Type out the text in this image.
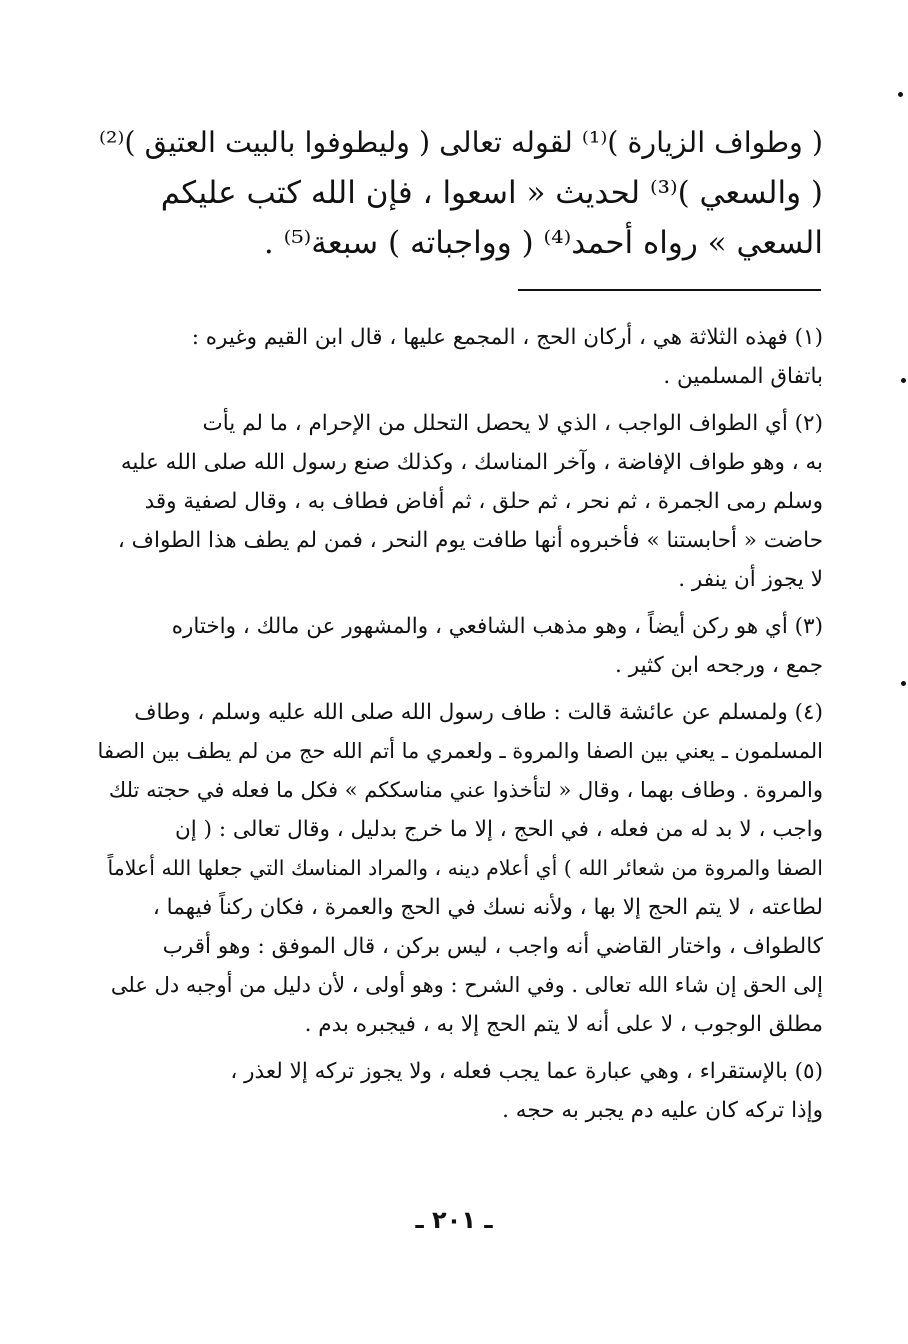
( وطواف الزيارة )⁽¹⁾ لقوله تعالى ( وليطوفوا بالبيت العتيق )⁽²⁾
( والسعي )⁽³⁾ لحديث « اسعوا ، فإن الله كتب عليكم
السعي » رواه أحمد⁽⁴⁾ ( وواجباته ) سبعة⁽⁵⁾ .
(١) فهذه الثلاثة هي ، أركان الحج ، المجمع عليها ، قال ابن القيم وغيره :
باتفاق المسلمين .
(٢) أي الطواف الواجب ، الذي لا يحصل التحلل من الإحرام ، ما لم يأت
به ، وهو طواف الإفاضة ، وآخر المناسك ، وكذلك صنع رسول الله صلى الله عليه
وسلم رمى الجمرة ، ثم نحر ، ثم حلق ، ثم أفاض فطاف به ، وقال لصفية وقد
حاضت « أحابستنا » فأخبروه أنها طافت يوم النحر ، فمن لم يطف هذا الطواف ،
لا يجوز أن ينفر .
(٣) أي هو ركن أيضاً ، وهو مذهب الشافعي ، والمشهور عن مالك ، واختاره
جمع ، ورجحه ابن كثير .
(٤) ولمسلم عن عائشة قالت : طاف رسول الله صلى الله عليه وسلم ، وطاف
المسلمون ـ يعني بين الصفا والمروة ـ ولعمري ما أتم الله حج من لم يطف بين الصفا
والمروة . وطاف بهما ، وقال « لتأخذوا عني مناسككم » فكل ما فعله في حجته تلك
واجب ، لا بد له من فعله ، في الحج ، إلا ما خرج بدليل ، وقال تعالى : ( إن
الصفا والمروة من شعائر الله ) أي أعلام دينه ، والمراد المناسك التي جعلها الله أعلاماً
لطاعته ، لا يتم الحج إلا بها ، ولأنه نسك في الحج والعمرة ، فكان ركناً فيهما ،
كالطواف ، واختار القاضي أنه واجب ، ليس بركن ، قال الموفق : وهو أقرب
إلى الحق إن شاء الله تعالى . وفي الشرح : وهو أولى ، لأن دليل من أوجبه دل على
مطلق الوجوب ، لا على أنه لا يتم الحج إلا به ، فيجبره بدم .
(٥) بالإستقراء ، وهي عبارة عما يجب فعله ، ولا يجوز تركه إلا لعذر ،
وإذا تركه كان عليه دم يجبر به حجه .
ـ ٢٠١ ـ
